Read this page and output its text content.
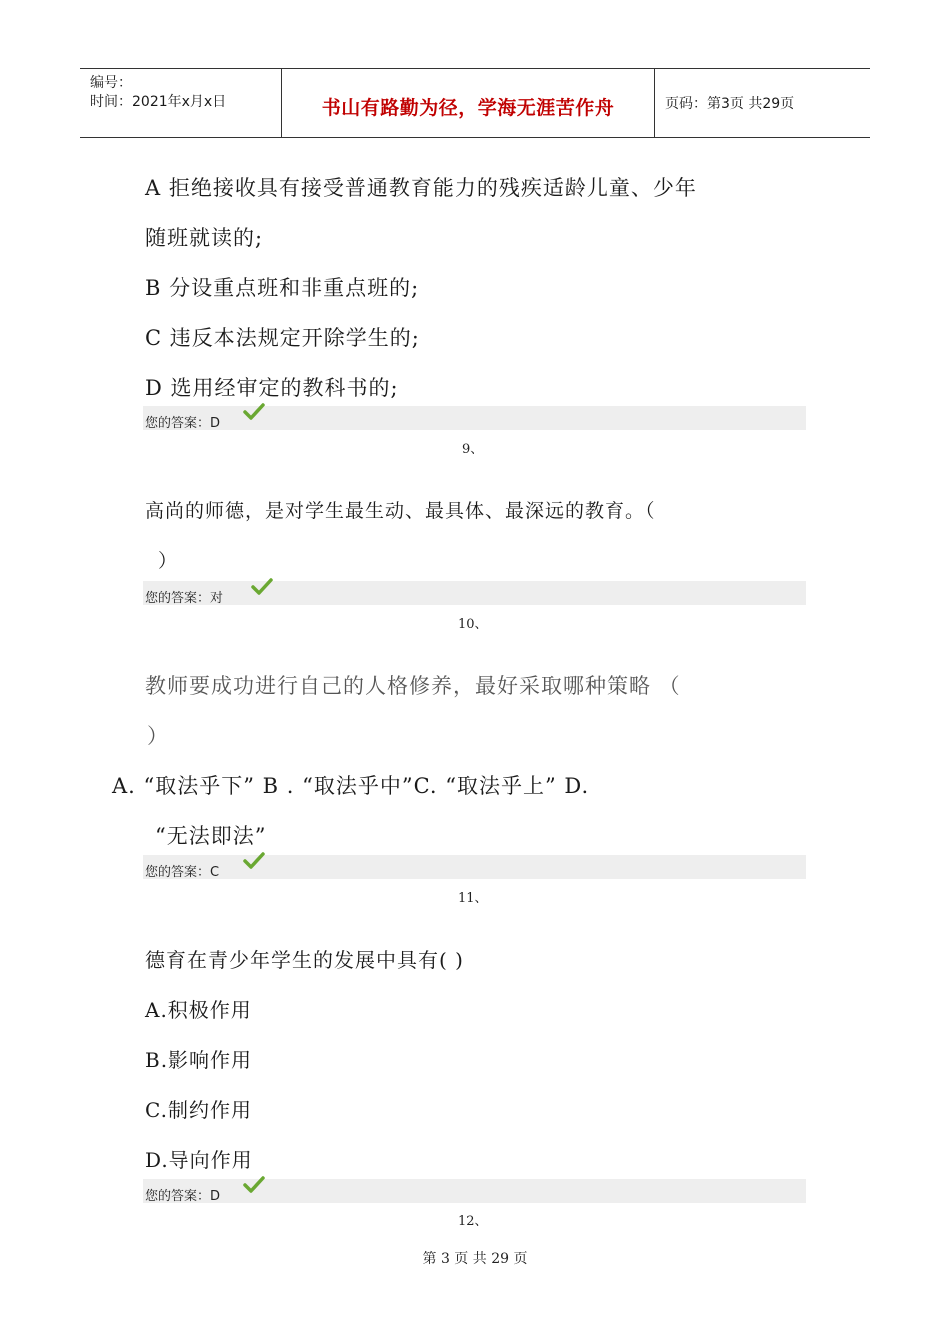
编号：
时间：2021年x月x日	书山有路勤为径，学海无涯苦作舟	页码：第3页 共29页
A 拒绝接收具有接受普通教育能力的残疾适龄儿童、少年
随班就读的;
B 分设重点班和非重点班的;
C 违反本法规定开除学生的;
D 选用经审定的教科书的;
您的答案：D
9、
高尚的师德，是对学生最生动、最具体、最深远的教育。（
）
您的答案：对
10、
教师要成功进行自己的人格修养，最好采取哪种策略 （
）
A. “取法乎下” B . “取法乎中”C. “取法乎上” D.
“无法即法”
您的答案：C
11、
德育在青少年学生的发展中具有( )
A.积极作用
B.影响作用
C.制约作用
D.导向作用
您的答案：D
12、
第 3 页 共 29 页
